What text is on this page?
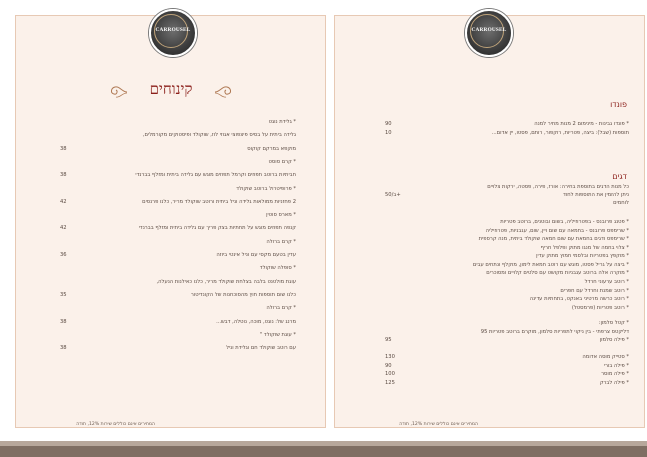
CARROUSEL
קינוחים
* גלידת נוגט
גלידה ביתית על בסיס פיצפוצי אגוזי לוז, שוקולד ופיסטוקים מקורמלים,
מוקפא במרקם קוקוס
38
* קרם סוסט
חביתיות ברוטב תפוזים וקרמל תפוזים מוגש עם גלידה ביתית ומזלף בברנדי
38
* פרופיטרול ברוטב שוקולד
2 פחזניות ממולאות גלידה וניל ביתית ורוטב שוקולד מריר, כלנו פרנסים
42
* מארס סוטין
קנפה תפוזים מוגש על תחתיות בצק פריך עם גלידה ביתית ומזלף בברנדי
42
* קרם ברולה
עדין בטעם מקסי עם וניל אינטי ביוזה
36
* סופלה שוקולד
עוגת מולטנט בלבה בצלחת שוקולד מריר, כלנו כאילנות הנעלה,
כלנו שום תוספות חוץ מהסוכחנות של הקונדיטור
35
* קרם ברולה
מרנג של: נוגט, מוכה, נוטלה, דבש...
38
* עוגת שוקולד "
עם רוטב שוקולד חם וגלידת וניל
38
המחירים אינם כוללים שירות 12%, תודה
CARROUSEL
פונדו
* פונדו גבינות - מינימום 2 מנות מחיר למנה
90
תוספות (שבל): ביצה, פטריות, רוקפור, רותם, פסטו, יין אדום...
10
דגים
כל מנות הדגים בתוספת בחירה: אורז, פירה, פסטה, ירקות צלויים
ניתן להזמין את התוספות לחוד
ב/50+
לוחמים
* פטנג פרובנס - בפטרוזיליה, בשום ובוטנים, ברוטב פטריות
* שרימפס פרובנס - בחמאה עם שום ויין, שום, עגבניות, פטרוזיליה
* שרימפס ודגים בחמאת עם שום חמאה שוקולד ביתית, מנה קרספית
* צלוי בחמה של מנגו מתוק ופלפל חריף
* מוקפץ בפטריות ובלסמי חמוץ מתוק עדין
* ביצה על גריל פסטו, מוגש עם רוטב חמאת לימון, מוקלף ונתחים עבים
* מוקרה אלה ברוטב עגבניות מקושט עם סלטים קלויים ומסוכרים
* רוטב ערעוני חרדל
* רוטב שמנת וחרדל עם חפרים
* רוטב כרשה מרטיני באנקט, בתחתיות עדינה
* רוטב פטריות (פרמסטל)
* קטל סלמון:
דליקטס צרפתי - בין ניקוי לתפריות סלמון, מוקרם ברוטב פטריות 95
* פילה סלמון
95
* סטייק מוסה אדומה
130
* פילה בורי
90
* פילה מוסר
100
* פילה לברק
125
המחירים אינם כוללים שירות 12%, תודה
